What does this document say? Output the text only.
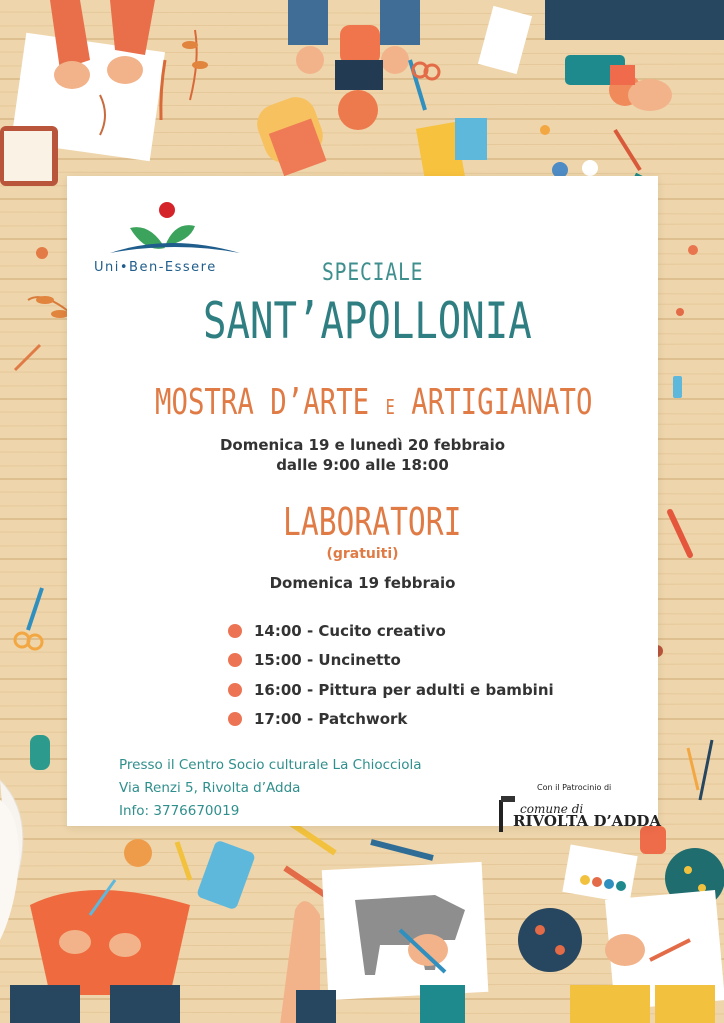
Uni•Ben-Essere	SPECIALE
SANT’APOLLONIA
MOSTRA D’ARTE E ARTIGIANATO
Domenica 19 e lunedì 20 febbraio
dalle 9:00 alle 18:00
LABORATORI
(gratuiti)
Domenica 19 febbraio
14:00 - Cucito creativo
15:00 - Uncinetto
16:00 - Pittura per adulti e bambini
17:00 - Patchwork
Presso il Centro Socio culturale La Chiocciola
Via Renzi 5, Rivolta d’Adda
Info: 3776670019
Con il Patrocinio di
comune di
RIVOLTA D’ADDA
